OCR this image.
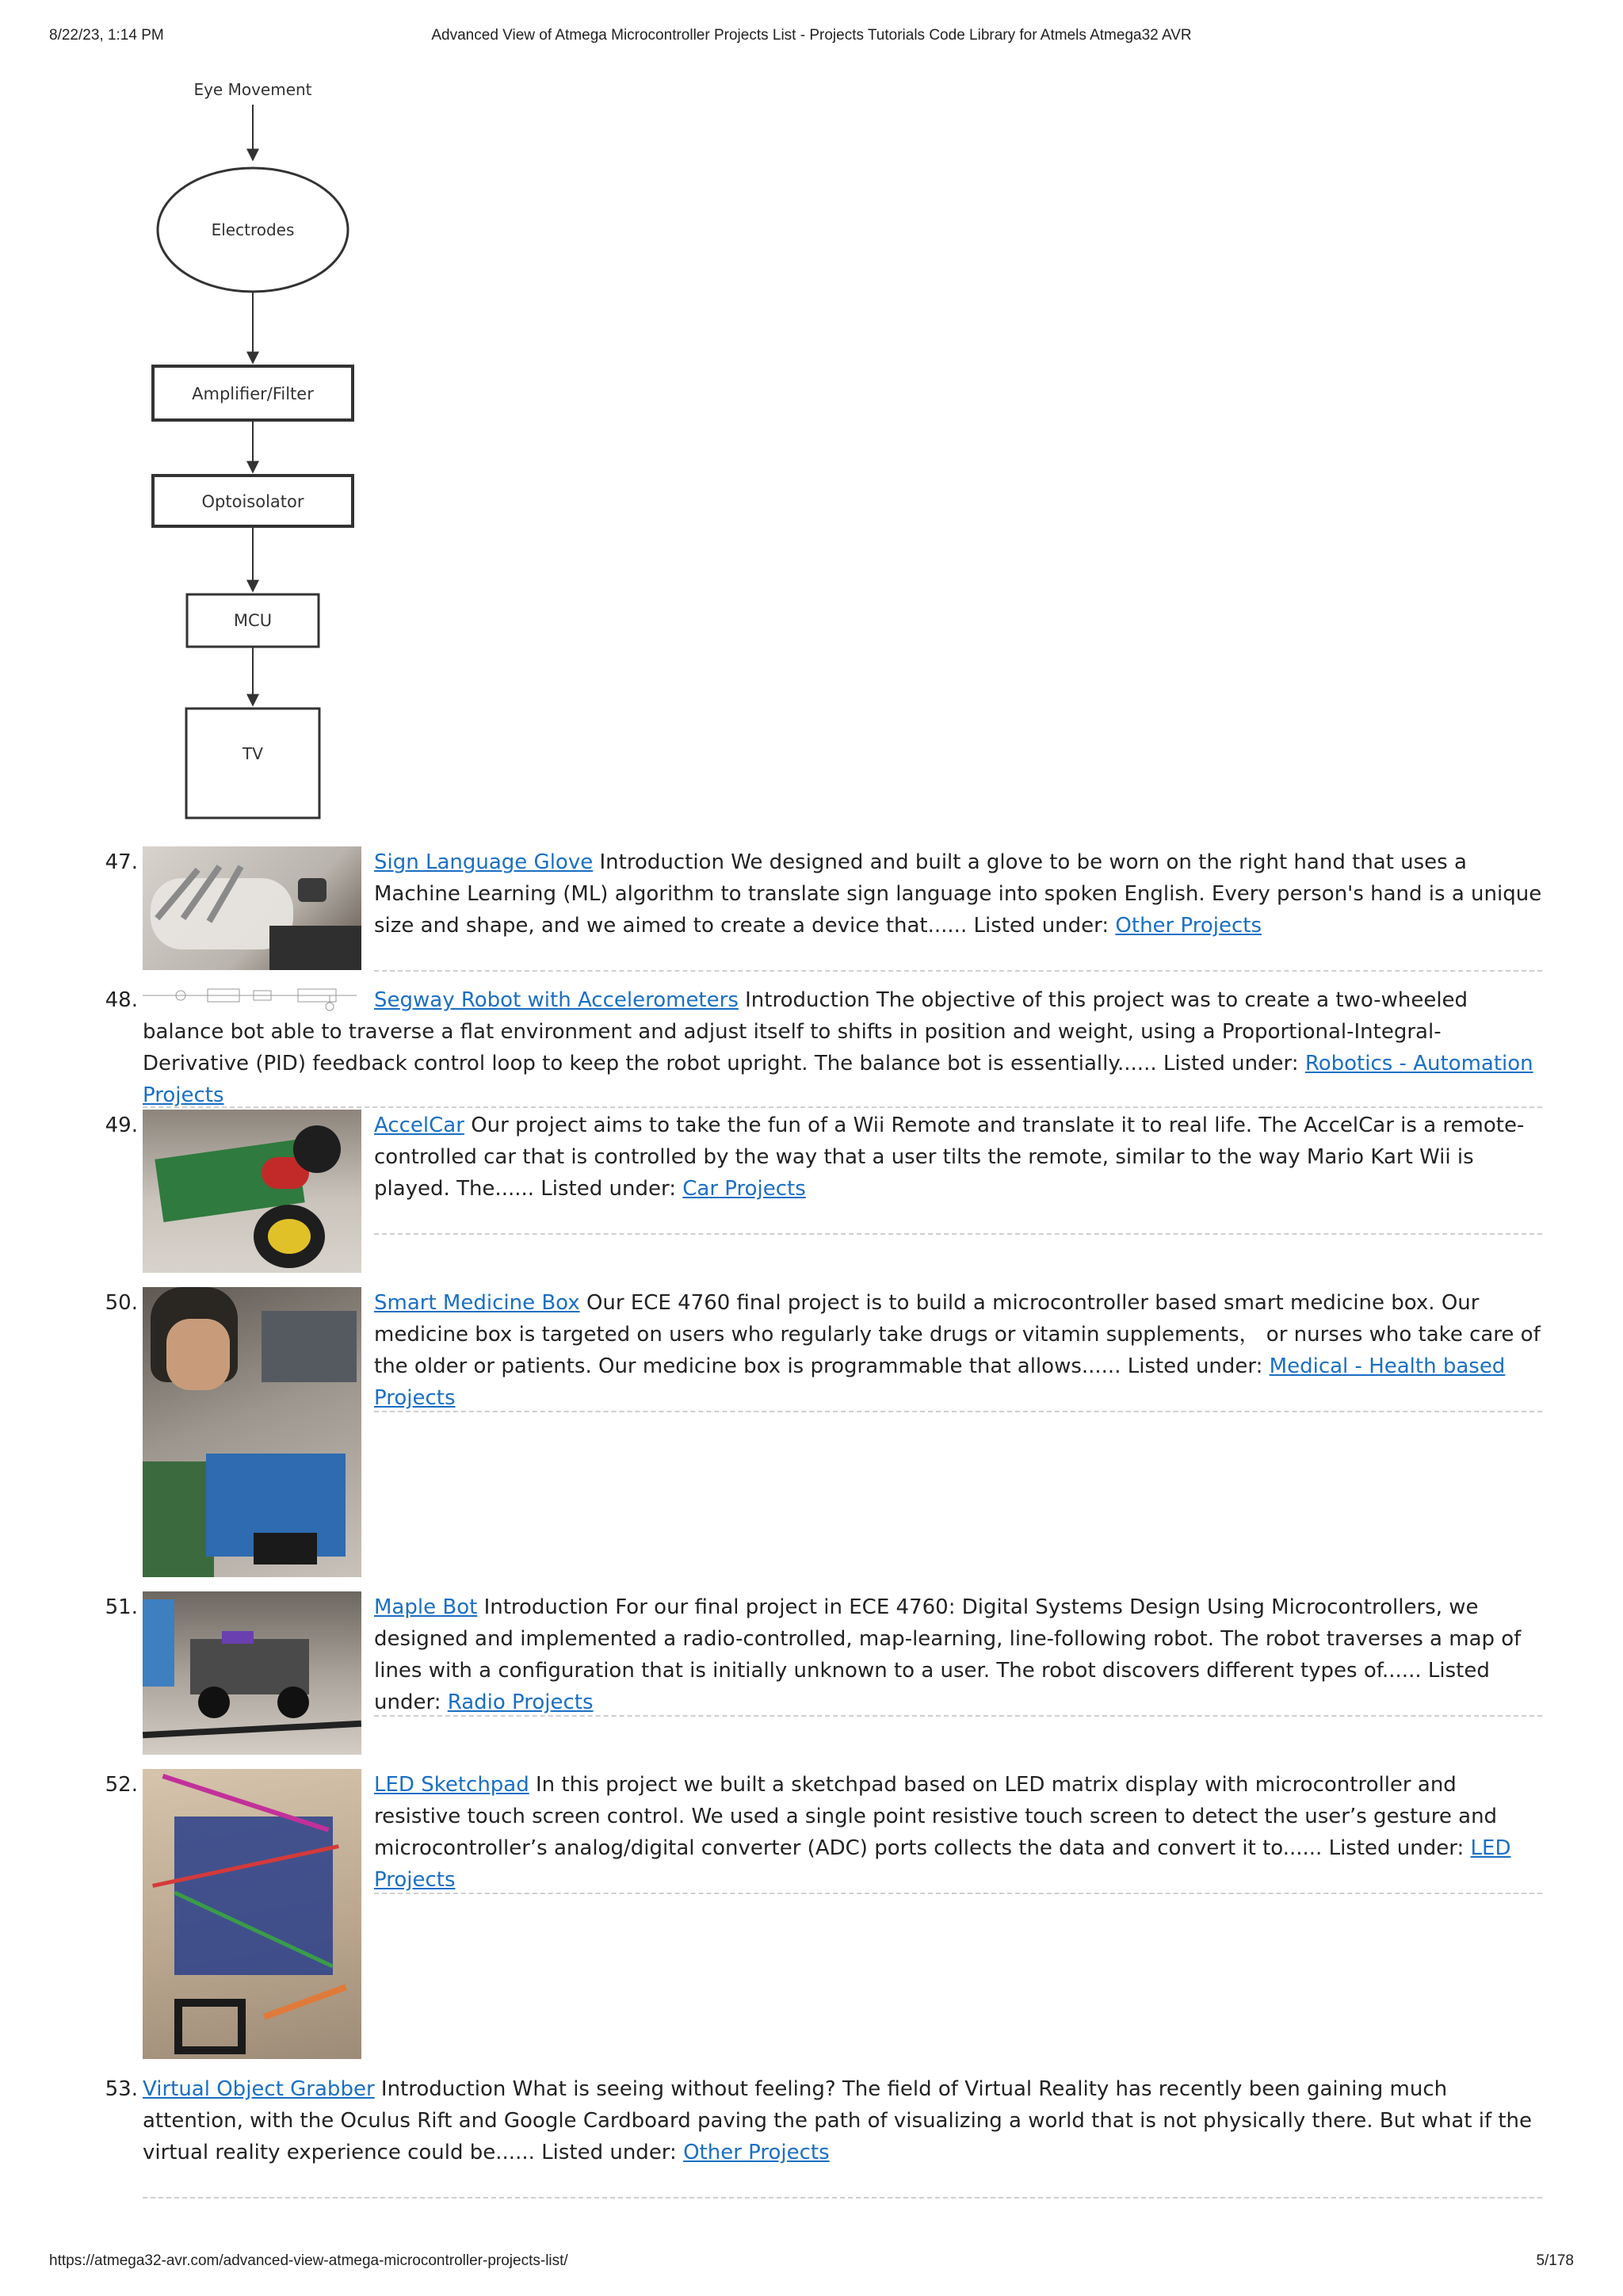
8/22/23, 1:14 PM	Advanced View of Atmega Microcontroller Projects List - Projects Tutorials Code Library for Atmels Atmega32 AVR
Eye Movement
Electrodes
Amplifier/Filter
Optoisolator
MCU
TV
47.	Sign Language Glove Introduction We designed and built a glove to be worn on the right hand that uses a Machine Learning (ML) algorithm to translate sign language into spoken English. Every person's hand is a unique size and shape, and we aimed to create a device that...... Listed under: Other Projects
48.	Segway Robot with Accelerometers Introduction The objective of this project was to create a two-wheeled balance bot able to traverse a flat environment and adjust itself to shifts in position and weight, using a Proportional-Integral-Derivative (PID) feedback control loop to keep the robot upright. The balance bot is essentially...... Listed under: Robotics - Automation Projects
49.	AccelCar Our project aims to take the fun of a Wii Remote and translate it to real life. The AccelCar is a remote-controlled car that is controlled by the way that a user tilts the remote, similar to the way Mario Kart Wii is played. The...... Listed under: Car Projects
50.	Smart Medicine Box Our ECE 4760 final project is to build a microcontroller based smart medicine box. Our medicine box is targeted on users who regularly take drugs or vitamin supplements， or nurses who take care of the older or patients. Our medicine box is programmable that allows...... Listed under: Medical - Health based Projects
51.	Maple Bot Introduction For our final project in ECE 4760: Digital Systems Design Using Microcontrollers, we designed and implemented a radio-controlled, map-learning, line-following robot. The robot traverses a map of lines with a configuration that is initially unknown to a user. The robot discovers different types of...... Listed under: Radio Projects
52.	LED Sketchpad In this project we built a sketchpad based on LED matrix display with microcontroller and resistive touch screen control. We used a single point resistive touch screen to detect the user’s gesture and microcontroller’s analog/digital converter (ADC) ports collects the data and convert it to...... Listed under: LED Projects
53. Virtual Object Grabber Introduction What is seeing without feeling? The field of Virtual Reality has recently been gaining much attention, with the Oculus Rift and Google Cardboard paving the path of visualizing a world that is not physically there. But what if the virtual reality experience could be...... Listed under: Other Projects
https://atmega32-avr.com/advanced-view-atmega-microcontroller-projects-list/	5/178
